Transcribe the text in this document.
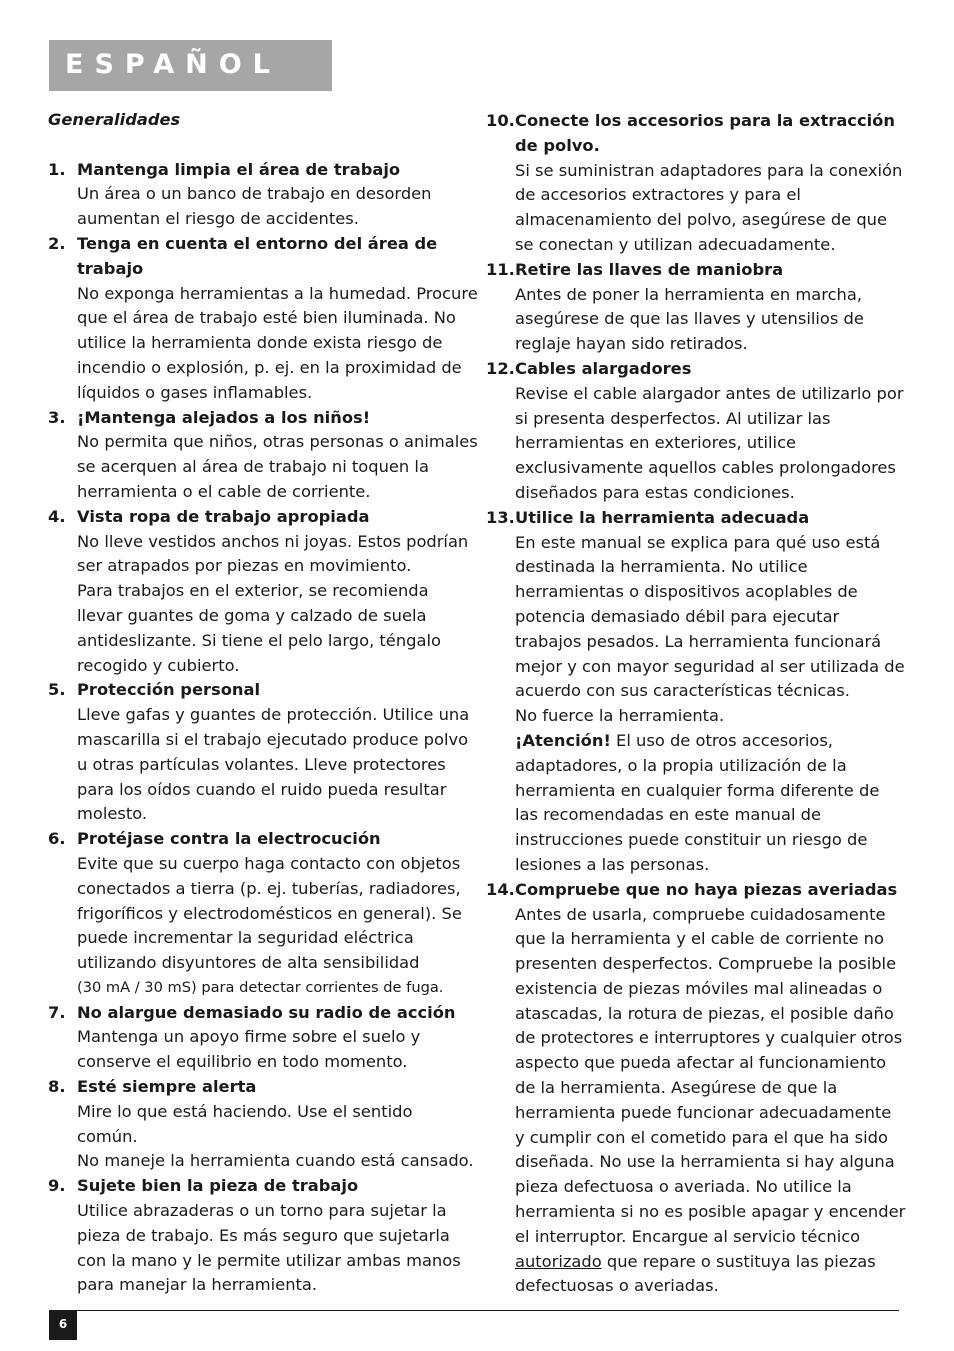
ESPAÑOL
Generalidades
1. Mantenga limpia el área de trabajo

Un área o un banco de trabajo en desorden aumentan el riesgo de accidentes.

2. Tenga en cuenta el entorno del área de trabajo

No exponga herramientas a la humedad. Procure que el área de trabajo esté bien iluminada. No utilice la herramienta donde exista riesgo de incendio o explosión, p. ej. en la proximidad de líquidos o gases inflamables.

3. ¡Mantenga alejados a los niños!

No permita que niños, otras personas o animales se acerquen al área de trabajo ni toquen la herramienta o el cable de corriente.

4. Vista ropa de trabajo apropiada

No lleve vestidos anchos ni joyas. Estos podrían ser atrapados por piezas en movimiento.

Para trabajos en el exterior, se recomienda llevar guantes de goma y calzado de suela antideslizante. Si tiene el pelo largo, téngalo recogido y cubierto.

5. Protección personal

Lleve gafas y guantes de protección. Utilice una mascarilla si el trabajo ejecutado produce polvo u otras partículas volantes. Lleve protectores para los oídos cuando el ruido pueda resultar molesto.

6. Protéjase contra la electrocución

Evite que su cuerpo haga contacto con objetos conectados a tierra (p. ej. tuberías, radiadores, frigoríficos y electrodomésticos en general). Se puede incrementar la seguridad eléctrica utilizando disyuntores de alta sensibilidad

(30 mA / 30 mS) para detectar corrientes de fuga.

7. No alargue demasiado su radio de acción

Mantenga un apoyo firme sobre el suelo y conserve el equilibrio en todo momento.

8. Esté siempre alerta

Mire lo que está haciendo. Use el sentido común.

No maneje la herramienta cuando está cansado.

9. Sujete bien la pieza de trabajo

Utilice abrazaderas o un torno para sujetar la pieza de trabajo. Es más seguro que sujetarla con la mano y le permite utilizar ambas manos para manejar la herramienta.

10. Conecte los accesorios para la extracción de polvo.

Si se suministran adaptadores para la conexión de accesorios extractores y para el almacenamiento del polvo, asegúrese de que se conectan y utilizan adecuadamente.

11. Retire las llaves de maniobra

Antes de poner la herramienta en marcha, asegúrese de que las llaves y utensilios de reglaje hayan sido retirados.

12. Cables alargadores

Revise el cable alargador antes de utilizarlo por si presenta desperfectos. Al utilizar las herramientas en exteriores, utilice exclusivamente aquellos cables prolongadores diseñados para estas condiciones.

13. Utilice la herramienta adecuada

En este manual se explica para qué uso está destinada la herramienta. No utilice herramientas o dispositivos acoplables de potencia demasiado débil para ejecutar trabajos pesados. La herramienta funcionará mejor y con mayor seguridad al ser utilizada de acuerdo con sus características técnicas.

No fuerce la herramienta.

¡Atención! El uso de otros accesorios, adaptadores, o la propia utilización de la herramienta en cualquier forma diferente de las recomendadas en este manual de instrucciones puede constituir un riesgo de lesiones a las personas.

14. Compruebe que no haya piezas averiadas

Antes de usarla, compruebe cuidadosamente que la herramienta y el cable de corriente no presenten desperfectos. Compruebe la posible existencia de piezas móviles mal alineadas o atascadas, la rotura de piezas, el posible daño de protectores e interruptores y cualquier otros aspecto que pueda afectar al funcionamiento de la herramienta. Asegúrese de que la herramienta puede funcionar adecuadamente y cumplir con el cometido para el que ha sido diseñada. No use la herramienta si hay alguna pieza defectuosa o averiada. No utilice la herramienta si no es posible apagar y encender el interruptor. Encargue al servicio técnico autorizado que repare o sustituya las piezas defectuosas o averiadas.

6
